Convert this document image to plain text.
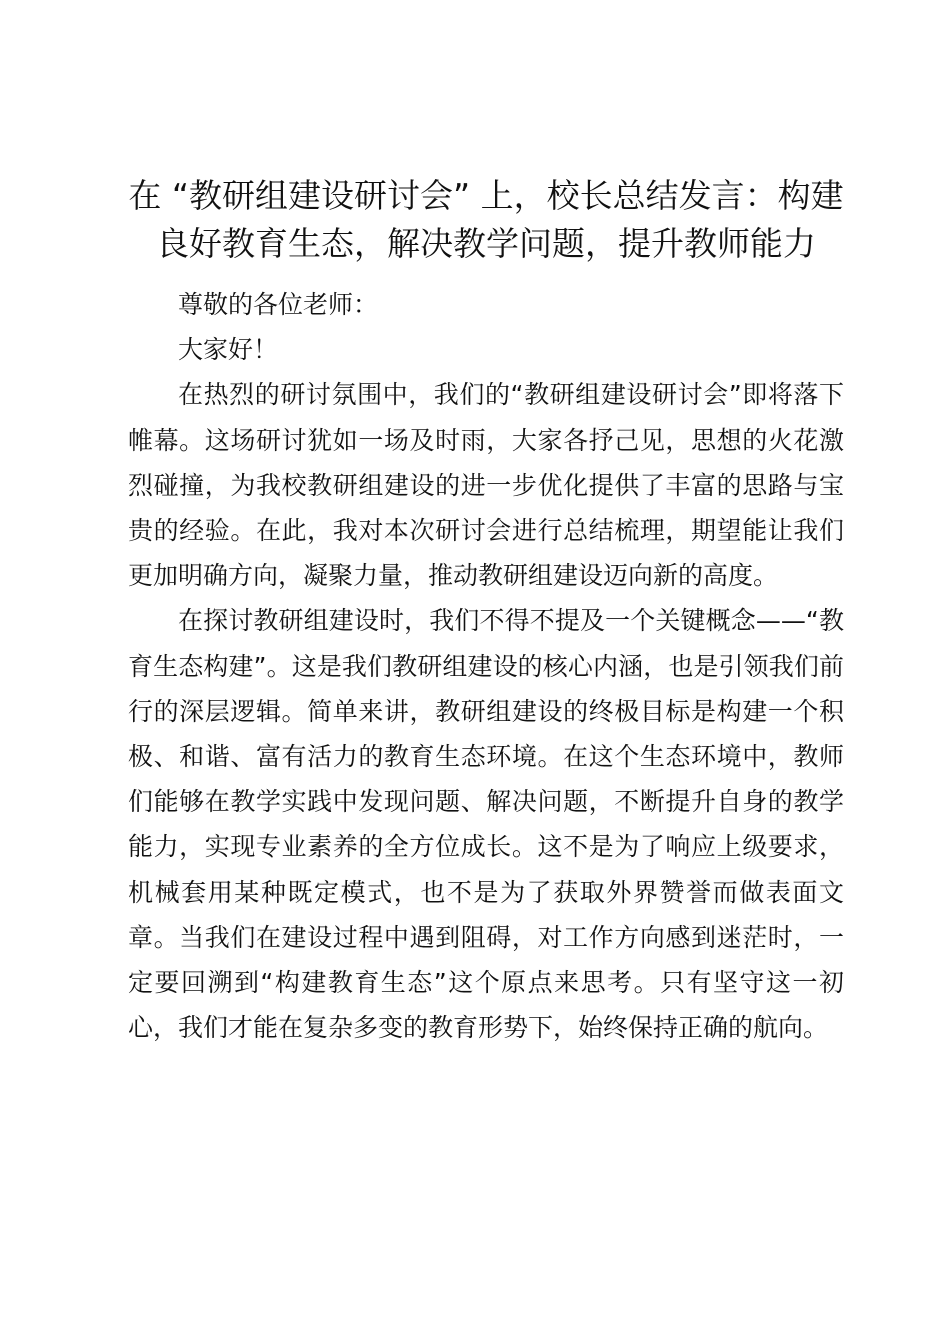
在 “教研组建设研讨会” 上，校长总结发言：构建良好教育生态，解决教学问题，提升教师能力

尊敬的各位老师：

大家好！

在热烈的研讨氛围中，我们的“教研组建设研讨会”即将落下帷幕。这场研讨犹如一场及时雨，大家各抒己见，思想的火花激烈碰撞，为我校教研组建设的进一步优化提供了丰富的思路与宝贵的经验。在此，我对本次研讨会进行总结梳理，期望能让我们更加明确方向，凝聚力量，推动教研组建设迈向新的高度。

在探讨教研组建设时，我们不得不提及一个关键概念——“教育生态构建”。这是我们教研组建设的核心内涵，也是引领我们前行的深层逻辑。简单来讲，教研组建设的终极目标是构建一个积极、和谐、富有活力的教育生态环境。在这个生态环境中，教师们能够在教学实践中发现问题、解决问题，不断提升自身的教学能力，实现专业素养的全方位成长。这不是为了响应上级要求，机械套用某种既定模式，也不是为了获取外界赞誉而做表面文章。当我们在建设过程中遇到阻碍，对工作方向感到迷茫时，一定要回溯到“构建教育生态”这个原点来思考。只有坚守这一初心，我们才能在复杂多变的教育形势下，始终保持正确的航向。
